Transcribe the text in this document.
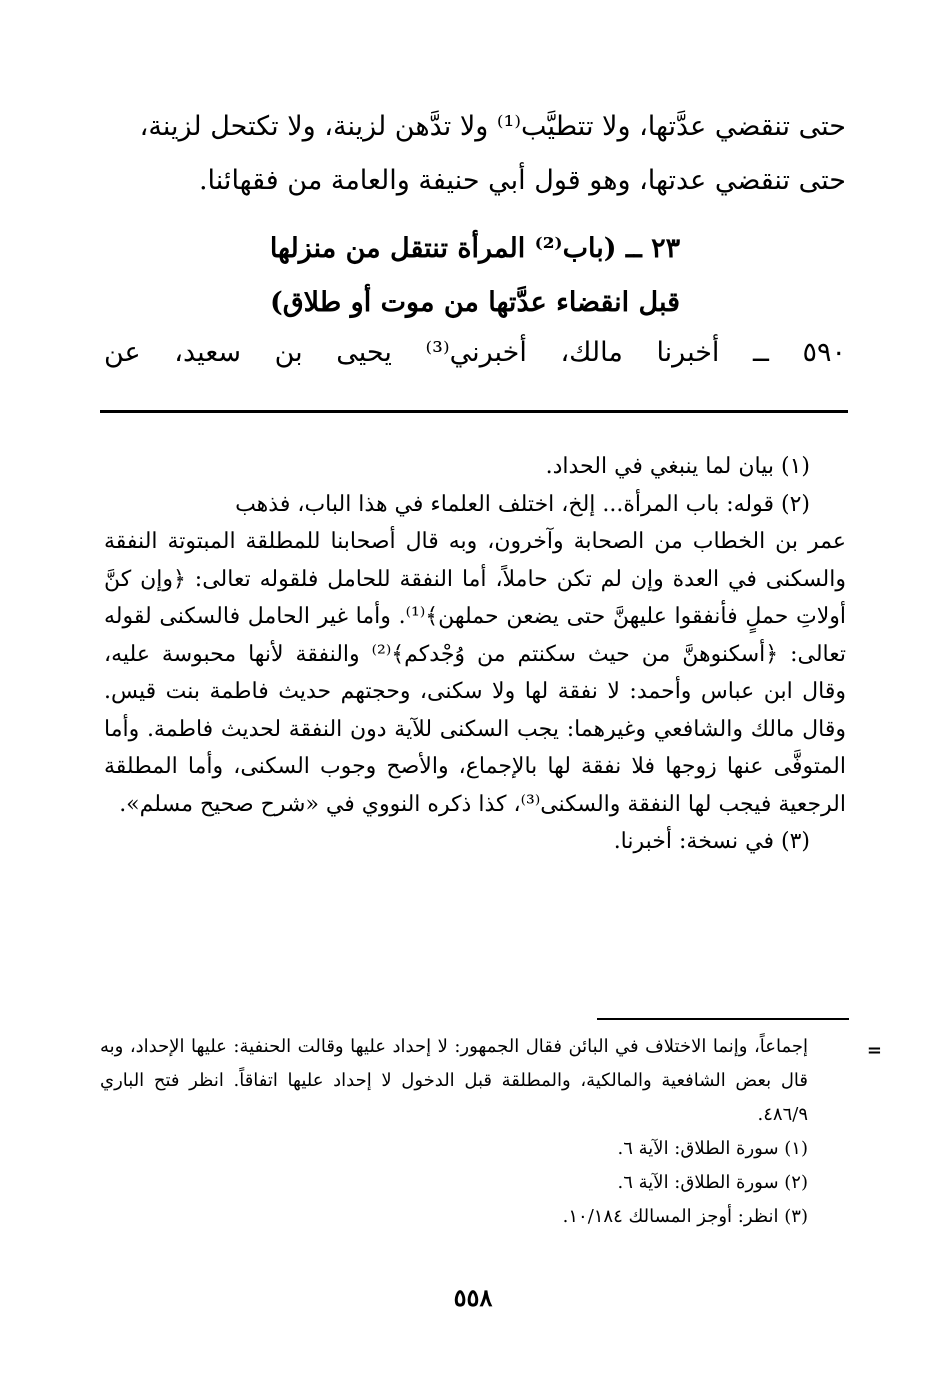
حتى تنقضي عدَّتها، ولا تتطيَّب⁽¹⁾ ولا تدَّهن لزينة، ولا تكتحل لزينة،

حتى تنقضي عدتها، وهو قول أبي حنيفة والعامة من فقهائنا.

٢٣ ــ (باب⁽²⁾ المرأة تنتقل من منزلها
قبل انقضاء عدَّتها من موت أو طلاق)
٥٩٠ ــ أخبرنا مالك، أخبرني⁽³⁾ يحيى بن سعيد، عن

(١) بيان لما ينبغي في الحداد.

(٢) قوله: باب المرأة... إلخ، اختلف العلماء في هذا الباب، فذهب

عمر بن الخطاب من الصحابة وآخرون، وبه قال أصحابنا للمطلقة المبتوتة النفقة والسكنى في العدة وإن لم تكن حاملاً، أما النفقة للحامل فلقوله تعالى: ﴿وإن كنَّ أولاتِ حملٍ فأنفقوا عليهنَّ حتى يضعن حملهن﴾⁽¹⁾. وأما غير الحامل فالسكنى لقوله تعالى: ﴿أسكنوهنَّ من حيث سكنتم من وُجْدكم﴾⁽²⁾ والنفقة لأنها محبوسة عليه، وقال ابن عباس وأحمد: لا نفقة لها ولا سكنى، وحجتهم حديث فاطمة بنت قيس. وقال مالك والشافعي وغيرهما: يجب السكنى للآية دون النفقة لحديث فاطمة. وأما المتوفَّى عنها زوجها فلا نفقة لها بالإجماع، والأصح وجوب السكنى، وأما المطلقة الرجعية فيجب لها النفقة والسكنى⁽³⁾، كذا ذكره النووي في «شرح صحيح مسلم».

(٣) في نسخة: أخبرنا.

=

إجماعاً، وإنما الاختلاف في البائن فقال الجمهور: لا إحداد عليها وقالت الحنفية: عليها الإحداد، وبه قال بعض الشافعية والمالكية، والمطلقة قبل الدخول لا إحداد عليها اتفاقاً. انظر فتح الباري ٤٨٦/٩.

(١) سورة الطلاق: الآية ٦.

(٢) سورة الطلاق: الآية ٦.

(٣) انظر: أوجز المسالك ١٠/١٨٤.

٥٥٨
